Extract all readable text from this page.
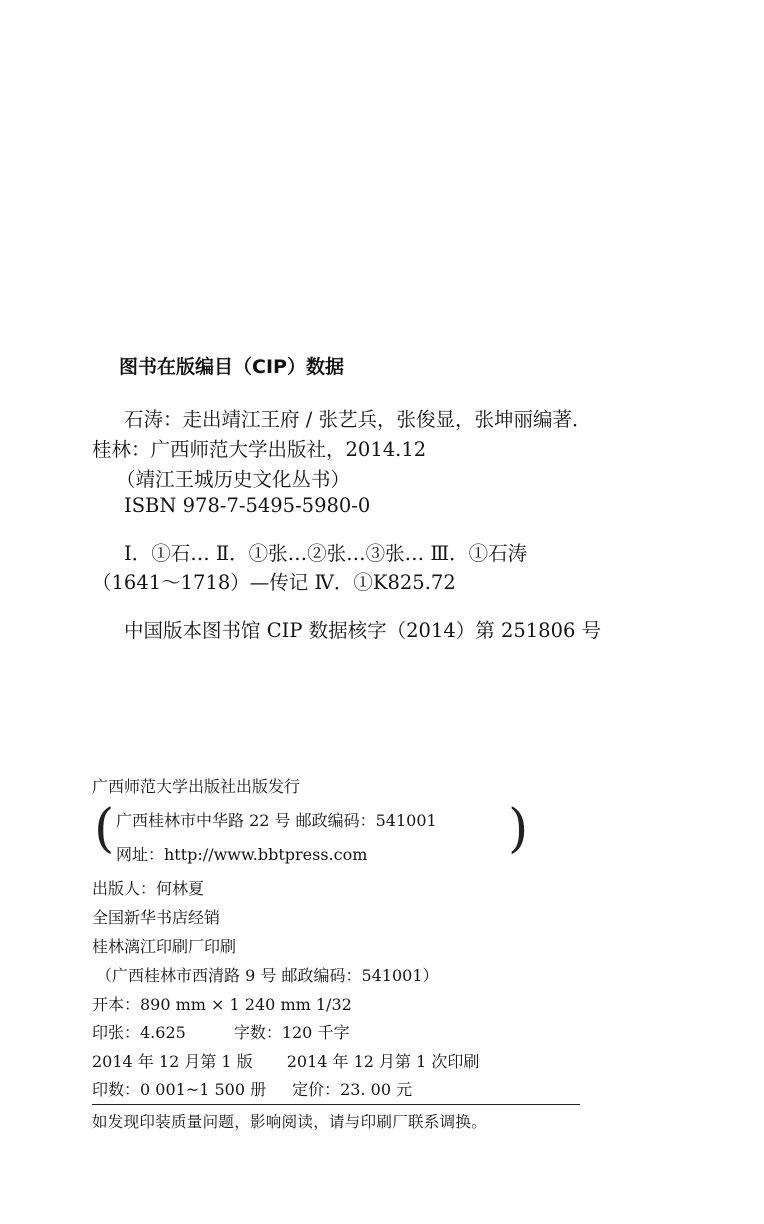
图书在版编目（CIP）数据
石涛：走出靖江王府 / 张艺兵，张俊显，张坤丽编著．
桂林：广西师范大学出版社，2014.12
（靖江王城历史文化丛书）
ISBN 978-7-5495-5980-0
Ⅰ．①石… Ⅱ．①张…②张…③张… Ⅲ．①石涛
（1641～1718）—传记 Ⅳ．①K825.72
中国版本图书馆 CIP 数据核字（2014）第 251806 号
广西师范大学出版社出版发行
( 广西桂林市中华路 22 号 邮政编码：541001
网址：http://www.bbtpress.com	)
出版人：何林夏
全国新华书店经销
桂林漓江印刷厂印刷
（广西桂林市西清路 9 号 邮政编码：541001）
开本：890 mm × 1 240 mm 1/32
印张：4.625	字数：120 千字
2014 年 12 月第 1 版 2014 年 12 月第 1 次印刷
印数：0 001~1 500 册 定价：23. 00 元
如发现印装质量问题，影响阅读，请与印刷厂联系调换。
